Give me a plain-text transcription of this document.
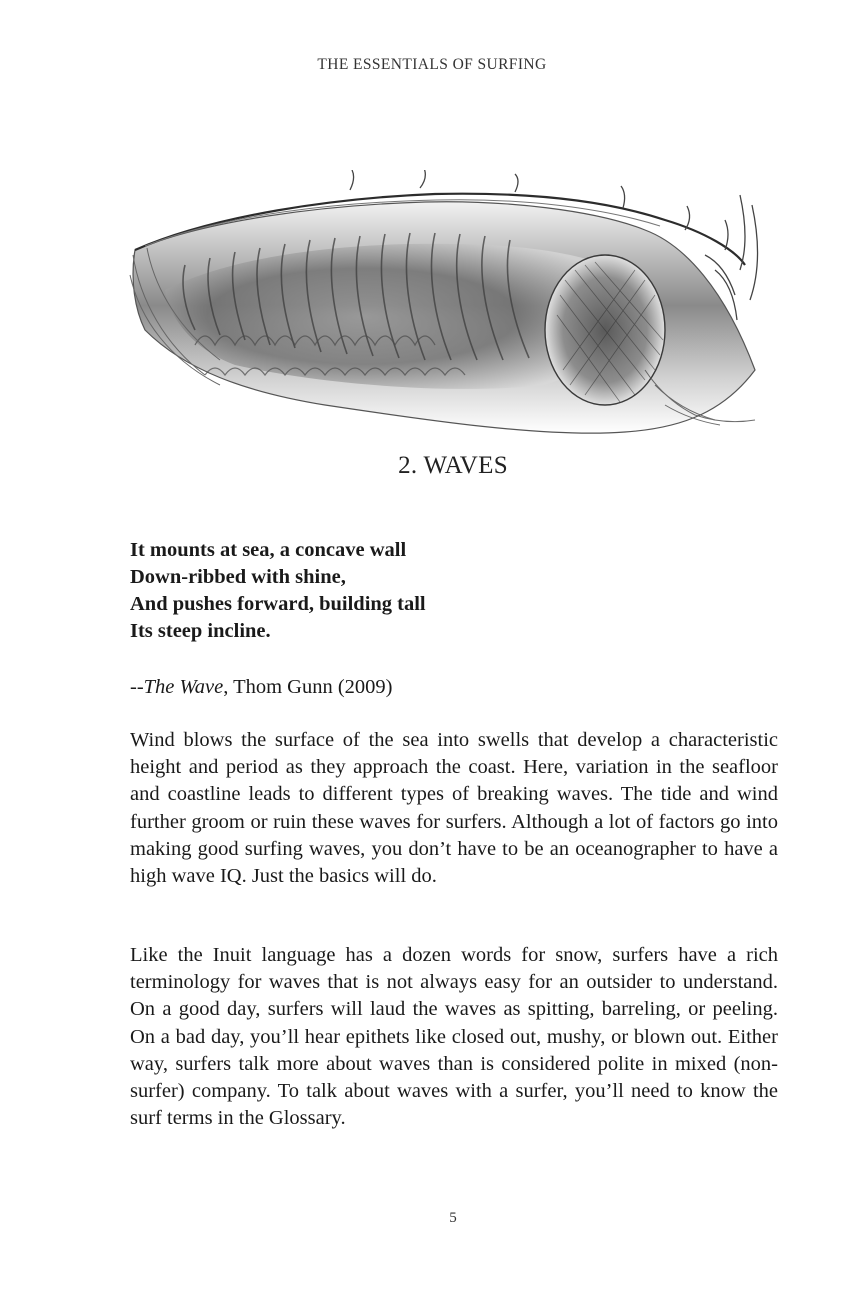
THE ESSENTIALS OF SURFING
2. WAVES
It mounts at sea, a concave wall
Down-ribbed with shine,
And pushes forward, building tall
Its steep incline.
--The Wave, Thom Gunn (2009)
Wind blows the surface of the sea into swells that develop a characteristic height and period as they approach the coast. Here, variation in the seafloor and coastline leads to different types of breaking waves. The tide and wind further groom or ruin these waves for surfers. Although a lot of factors go into making good surfing waves, you don’t have to be an oceanographer to have a high wave IQ. Just the basics will do.
Like the Inuit language has a dozen words for snow, surfers have a rich terminology for waves that is not always easy for an outsider to understand. On a good day, surfers will laud the waves as spitting, barreling, or peeling. On a bad day, you’ll hear epithets like closed out, mushy, or blown out. Either way, surfers talk more about waves than is considered polite in mixed (non-surfer) company. To talk about waves with a surfer, you’ll need to know the surf terms in the Glossary.
5
